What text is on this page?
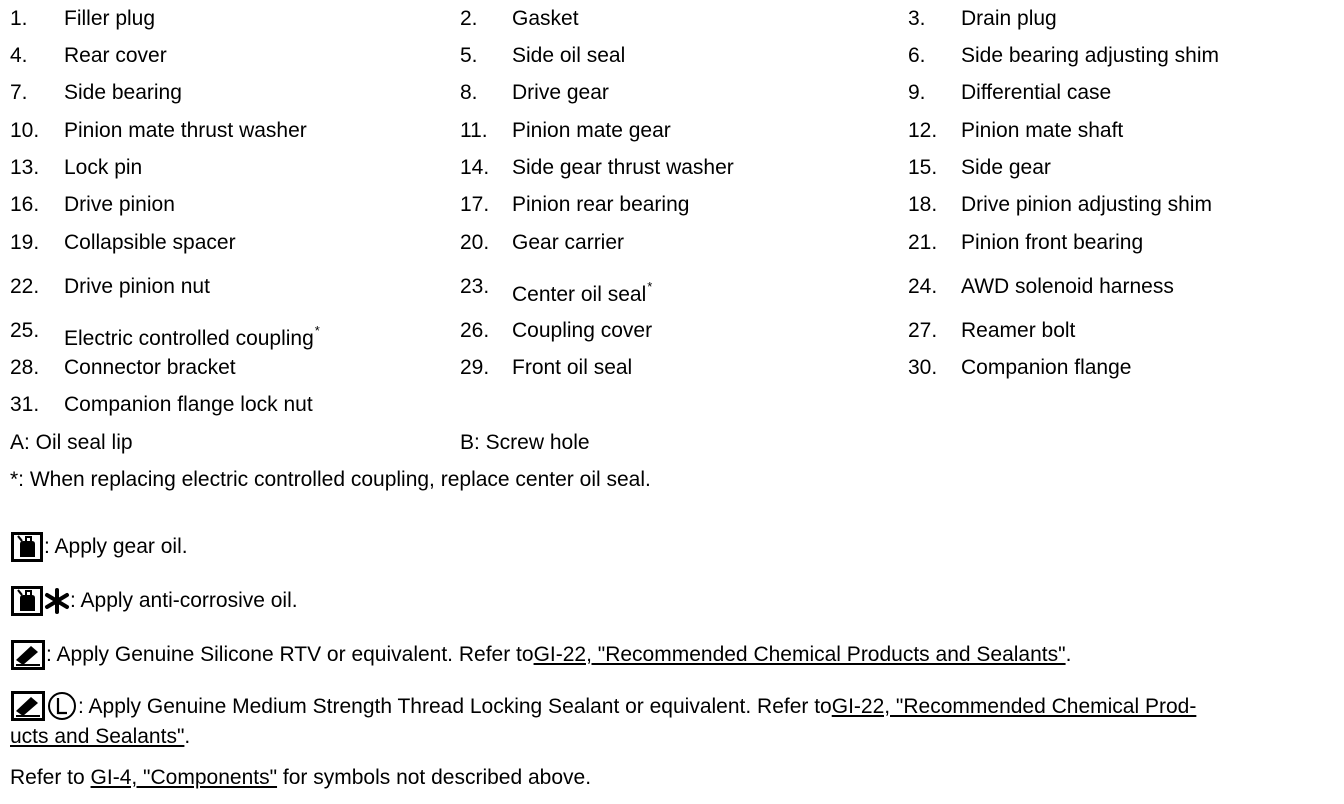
1. Filler plug	2. Gasket	3. Drain plug
4. Rear cover	5. Side oil seal	6. Side bearing adjusting shim
7. Side bearing	8. Drive gear	9. Differential case
10. Pinion mate thrust washer	11. Pinion mate gear	12. Pinion mate shaft
13. Lock pin	14. Side gear thrust washer	15. Side gear
16. Drive pinion	17. Pinion rear bearing	18. Drive pinion adjusting shim
19. Collapsible spacer	20. Gear carrier	21. Pinion front bearing
22. Drive pinion nut	23. Center oil seal*	24. AWD solenoid harness
25. Electric controlled coupling*	26. Coupling cover	27. Reamer bolt
28. Connector bracket	29. Front oil seal	30. Companion flange
31. Companion flange lock nut
A: Oil seal lip	B: Screw hole
*: When replacing electric controlled coupling, replace center oil seal.
: Apply gear oil.
: Apply anti-corrosive oil.
: Apply Genuine Silicone RTV or equivalent. Refer to GI-22, "Recommended Chemical Products and Sealants" .
: Apply Genuine Medium Strength Thread Locking Sealant or equivalent. Refer to GI-22, "Recommended Chemical Prod-
ucts and Sealants".
Refer to GI-4, "Components" for symbols not described above.
